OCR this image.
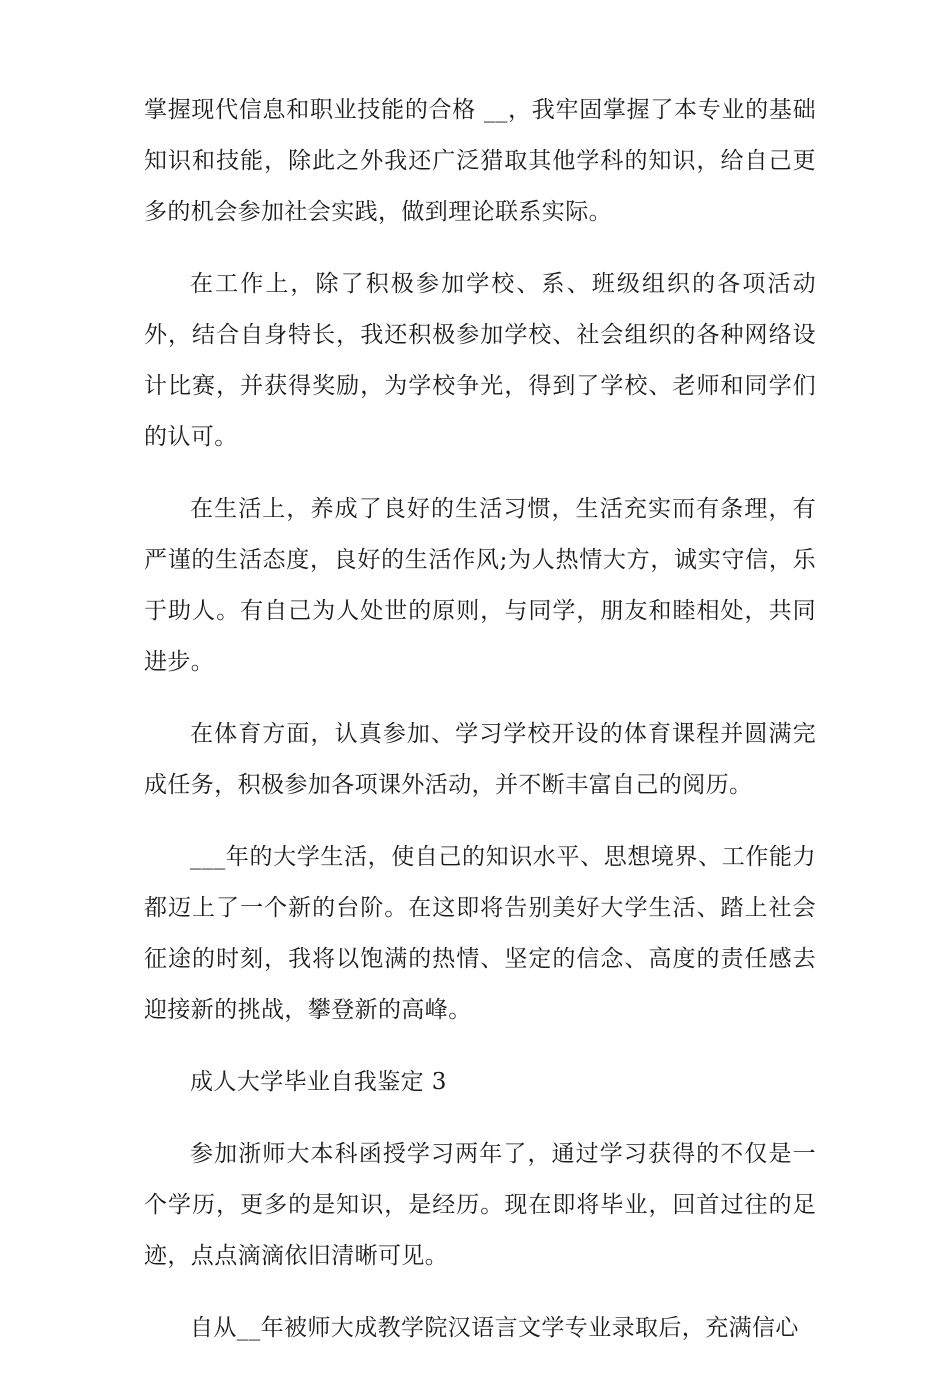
掌握现代信息和职业技能的合格 __，我牢固掌握了本专业的基础知识和技能，除此之外我还广泛猎取其他学科的知识，给自己更多的机会参加社会实践，做到理论联系实际。

在工作上，除了积极参加学校、系、班级组织的各项活动外，结合自身特长，我还积极参加学校、社会组织的各种网络设计比赛，并获得奖励，为学校争光，得到了学校、老师和同学们的认可。

在生活上，养成了良好的生活习惯，生活充实而有条理，有严谨的生活态度，良好的生活作风;为人热情大方，诚实守信，乐于助人。有自己为人处世的原则，与同学，朋友和睦相处，共同进步。

在体育方面，认真参加、学习学校开设的体育课程并圆满完成任务，积极参加各项课外活动，并不断丰富自己的阅历。

___年的大学生活，使自己的知识水平、思想境界、工作能力都迈上了一个新的台阶。在这即将告别美好大学生活、踏上社会征途的时刻，我将以饱满的热情、坚定的信念、高度的责任感去迎接新的挑战，攀登新的高峰。

成人大学毕业自我鉴定 3

参加浙师大本科函授学习两年了，通过学习获得的不仅是一个学历，更多的是知识，是经历。现在即将毕业，回首过往的足迹，点点滴滴依旧清晰可见。

自从__年被师大成教学院汉语言文学专业录取后，充满信心
